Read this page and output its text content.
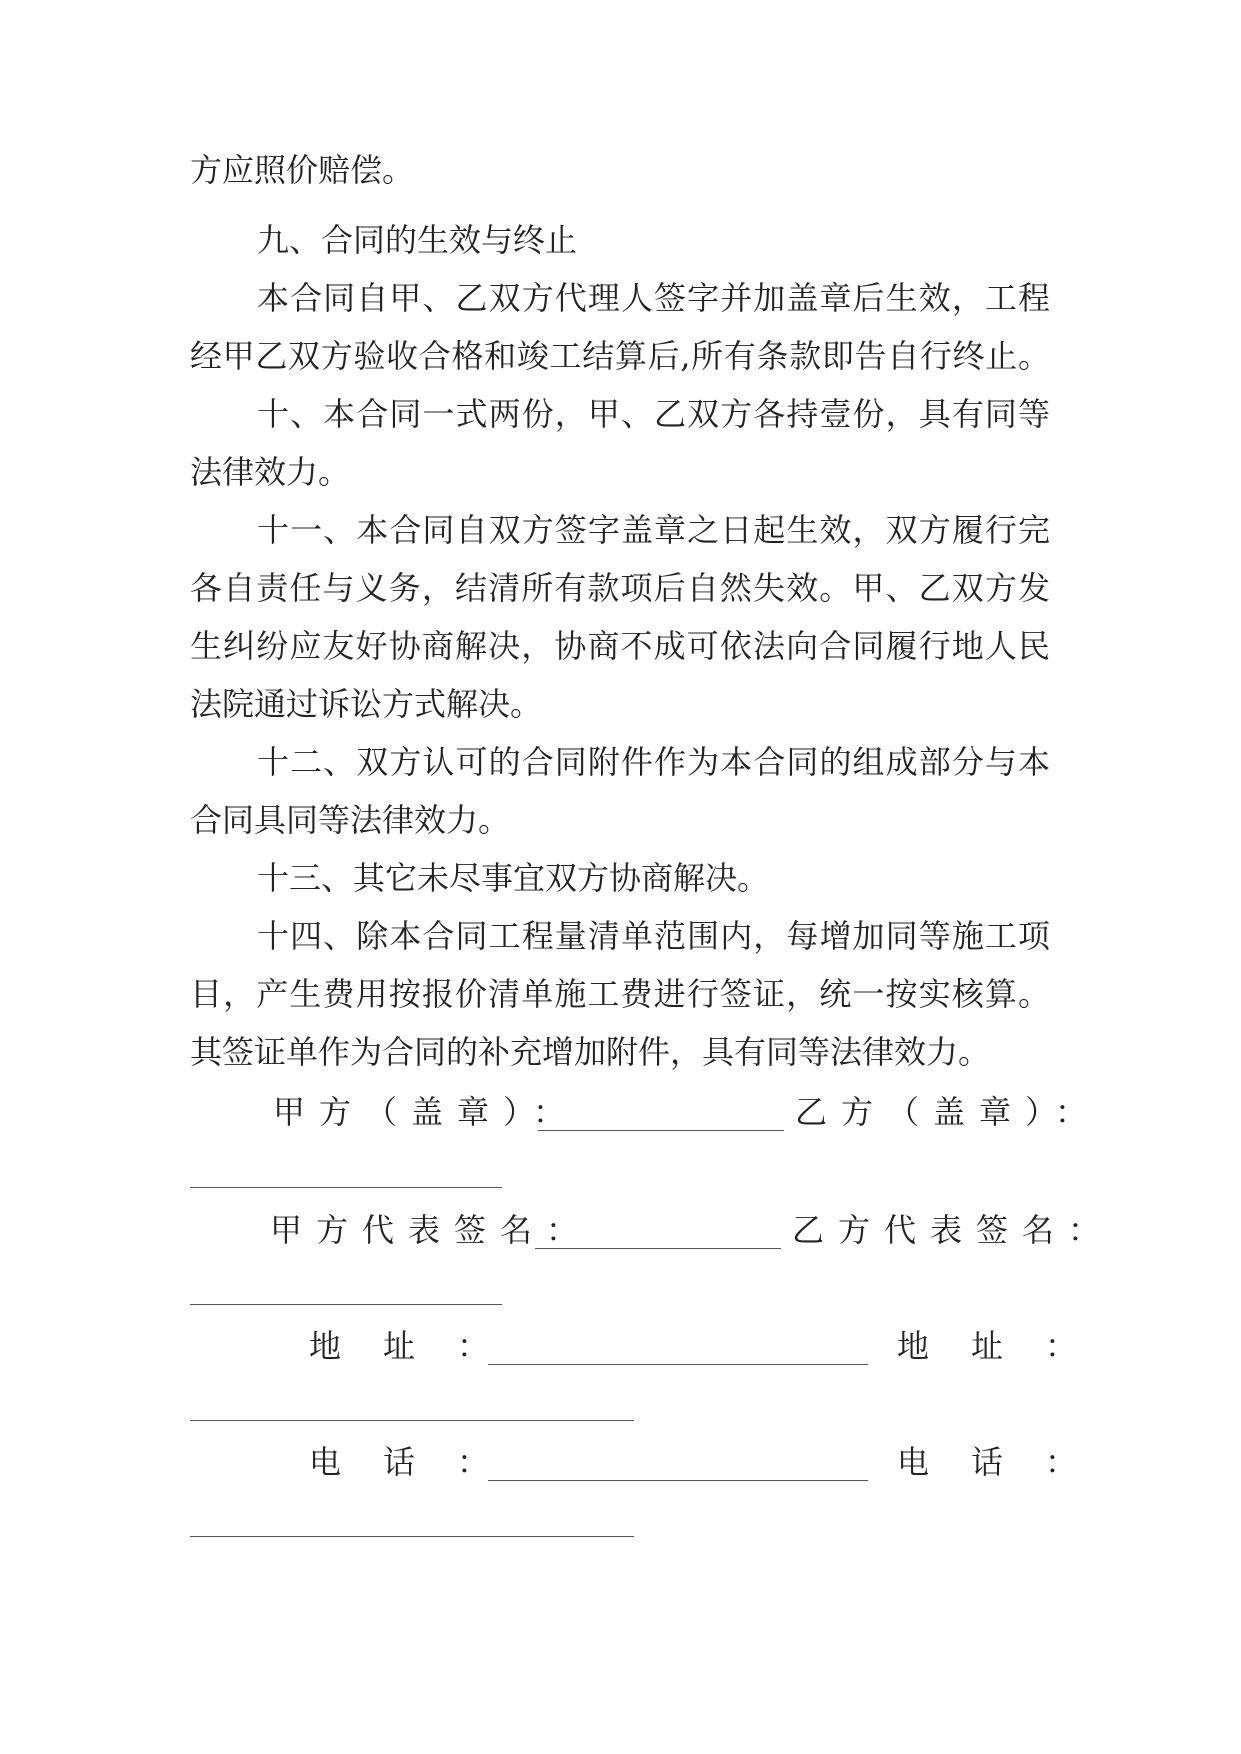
方应照价赔偿。
九、合同的生效与终止
本合同自甲、乙双方代理人签字并加盖章后生效，工程
经甲乙双方验收合格和竣工结算后,所有条款即告自行终止。
十、本合同一式两份，甲、乙双方各持壹份，具有同等
法律效力。
十一、本合同自双方签字盖章之日起生效，双方履行完
各自责任与义务，结清所有款项后自然失效。甲、乙双方发
生纠纷应友好协商解决，协商不成可依法向合同履行地人民
法院通过诉讼方式解决。
十二、双方认可的合同附件作为本合同的组成部分与本
合同具同等法律效力。
十三、其它未尽事宜双方协商解决。
十四、除本合同工程量清单范围内，每增加同等施工项
目，产生费用按报价清单施工费进行签证，统一按实核算。
其签证单作为合同的补充增加附件，具有同等法律效力。
甲方（盖章）：	乙方（盖章）：
甲方代表签名：	乙方代表签名：
地址：	地址：
电话：	电话：
